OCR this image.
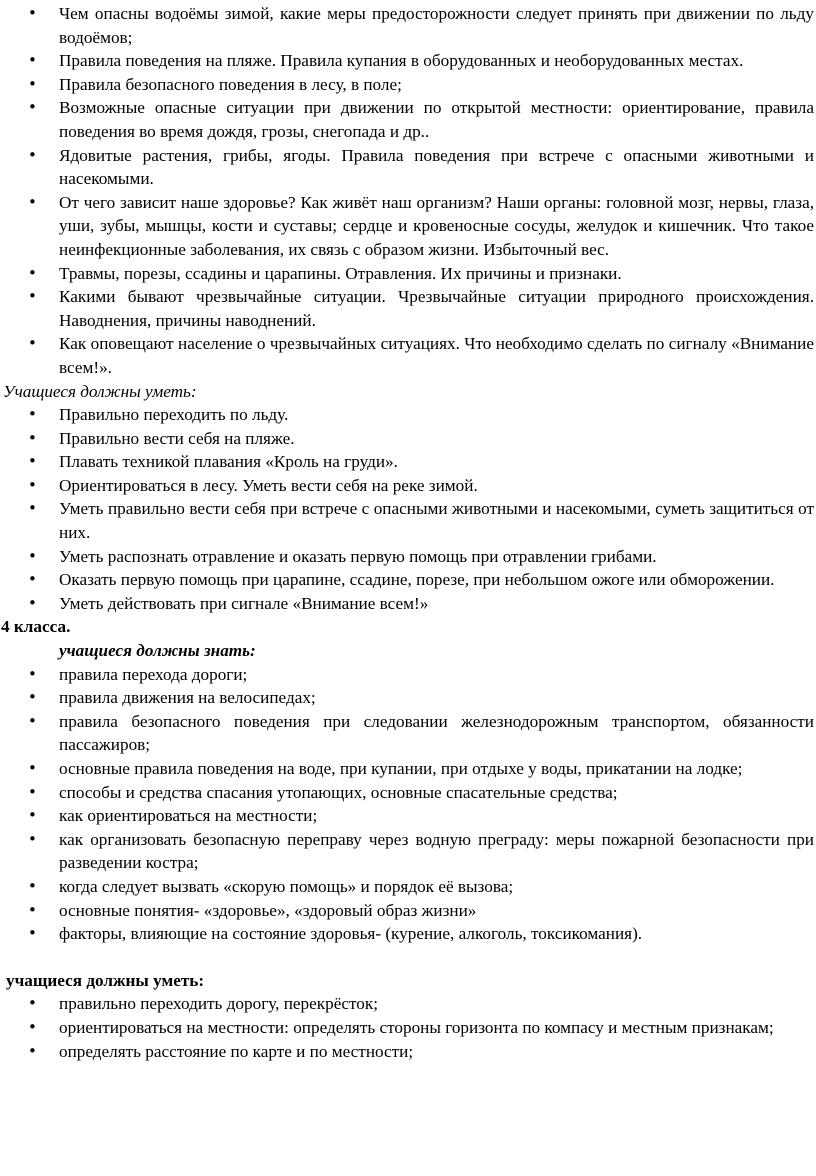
• Чем опасны водоёмы зимой, какие меры предосторожности следует принять при движении по льду водоёмов;
• Правила поведения на пляже. Правила купания в оборудованных и необорудованных местах.
• Правила безопасного поведения в лесу, в поле;
• Возможные опасные ситуации при движении по открытой местности: ориентирование, правила поведения во время дождя, грозы, снегопада и др..
• Ядовитые растения, грибы, ягоды. Правила поведения при встрече с опасными животными и насекомыми.
• От чего зависит наше здоровье? Как живёт наш организм? Наши органы: головной мозг, нервы, глаза, уши, зубы, мышцы, кости и суставы; сердце и кровеносные сосуды, желудок и кишечник. Что такое неинфекционные заболевания, их связь с образом жизни. Избыточный вес.
• Травмы, порезы, ссадины и царапины. Отравления. Их причины и признаки.
• Какими бывают чрезвычайные ситуации. Чрезвычайные ситуации природного происхождения. Наводнения, причины наводнений.
• Как оповещают население о чрезвычайных ситуациях. Что необходимо сделать по сигналу «Внимание всем!».

Учащиеся должны уметь:

• Правильно переходить по льду.
• Правильно вести себя на пляже.
• Плавать техникой плавания «Кроль на груди».
• Ориентироваться в лесу. Уметь вести себя на реке зимой.
• Уметь правильно вести себя при встрече с опасными животными и насекомыми, суметь защититься от них.
• Уметь распознать отравление и оказать первую помощь при отравлении грибами.
• Оказать первую помощь при царапине, ссадине, порезе, при небольшом ожоге или обморожении.
• Уметь действовать при сигнале «Внимание всем!»

4 класса.

учащиеся должны знать:

• правила перехода дороги;
• правила движения на велосипедах;
• правила безопасного поведения при следовании железнодорожным транспортом, обязанности пассажиров;
• основные правила поведения на воде, при купании, при отдыхе у воды, прикатании на лодке;
• способы и средства спасания утопающих, основные спасательные средства;
• как ориентироваться на местности;
• как организовать безопасную переправу через водную преграду: меры пожарной безопасности при разведении костра;
• когда следует вызвать «скорую помощь» и порядок её вызова;
• основные понятия- «здоровье», «здоровый образ жизни»
• факторы, влияющие на состояние здоровья- (курение, алкоголь, токсикомания).

учащиеся должны уметь:

• правильно переходить дорогу, перекрёсток;
• ориентироваться на местности: определять стороны горизонта по компасу и местным признакам;
• определять расстояние по карте и по местности;
